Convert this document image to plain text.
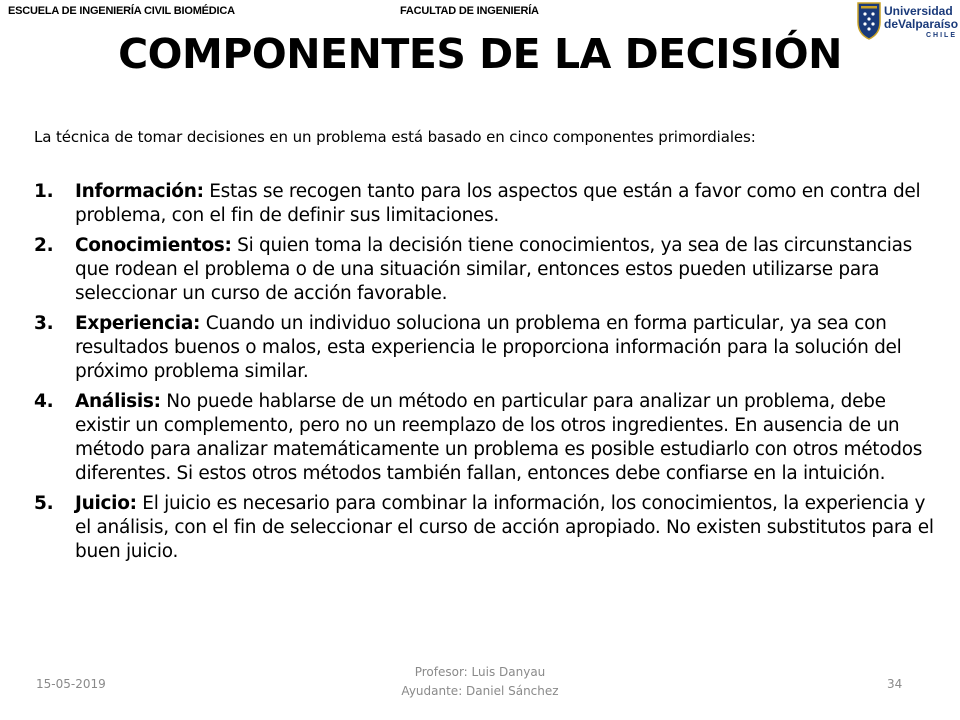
ESCUELA DE INGENIERÍA CIVIL BIOMÉDICA	FACULTAD DE INGENIERÍA	Universidad
deValparaíso
CHILE
COMPONENTES DE LA DECISIÓN

La técnica de tomar decisiones en un problema está basado en cinco componentes primordiales:

1.	Información: Estas se recogen tanto para los aspectos que están a favor como en contra del problema, con el fin de definir sus limitaciones.
2.	Conocimientos: Si quien toma la decisión tiene conocimientos, ya sea de las circunstancias que rodean el problema o de una situación similar, entonces estos pueden utilizarse para seleccionar un curso de acción favorable.
3.	Experiencia: Cuando un individuo soluciona un problema en forma particular, ya sea con resultados buenos o malos, esta experiencia le proporciona información para la solución del próximo problema similar.
4.	Análisis: No puede hablarse de un método en particular para analizar un problema, debe existir un complemento, pero no un reemplazo de los otros ingredientes. En ausencia de un método para analizar matemáticamente un problema es posible estudiarlo con otros métodos diferentes. Si estos otros métodos también fallan, entonces debe confiarse en la intuición.
5.	Juicio: El juicio es necesario para combinar la información, los conocimientos, la experiencia y el análisis, con el fin de seleccionar el curso de acción apropiado. No existen substitutos para el buen juicio.
15-05-2019
Profesor: Luis Danyau
Ayudante: Daniel Sánchez	34
